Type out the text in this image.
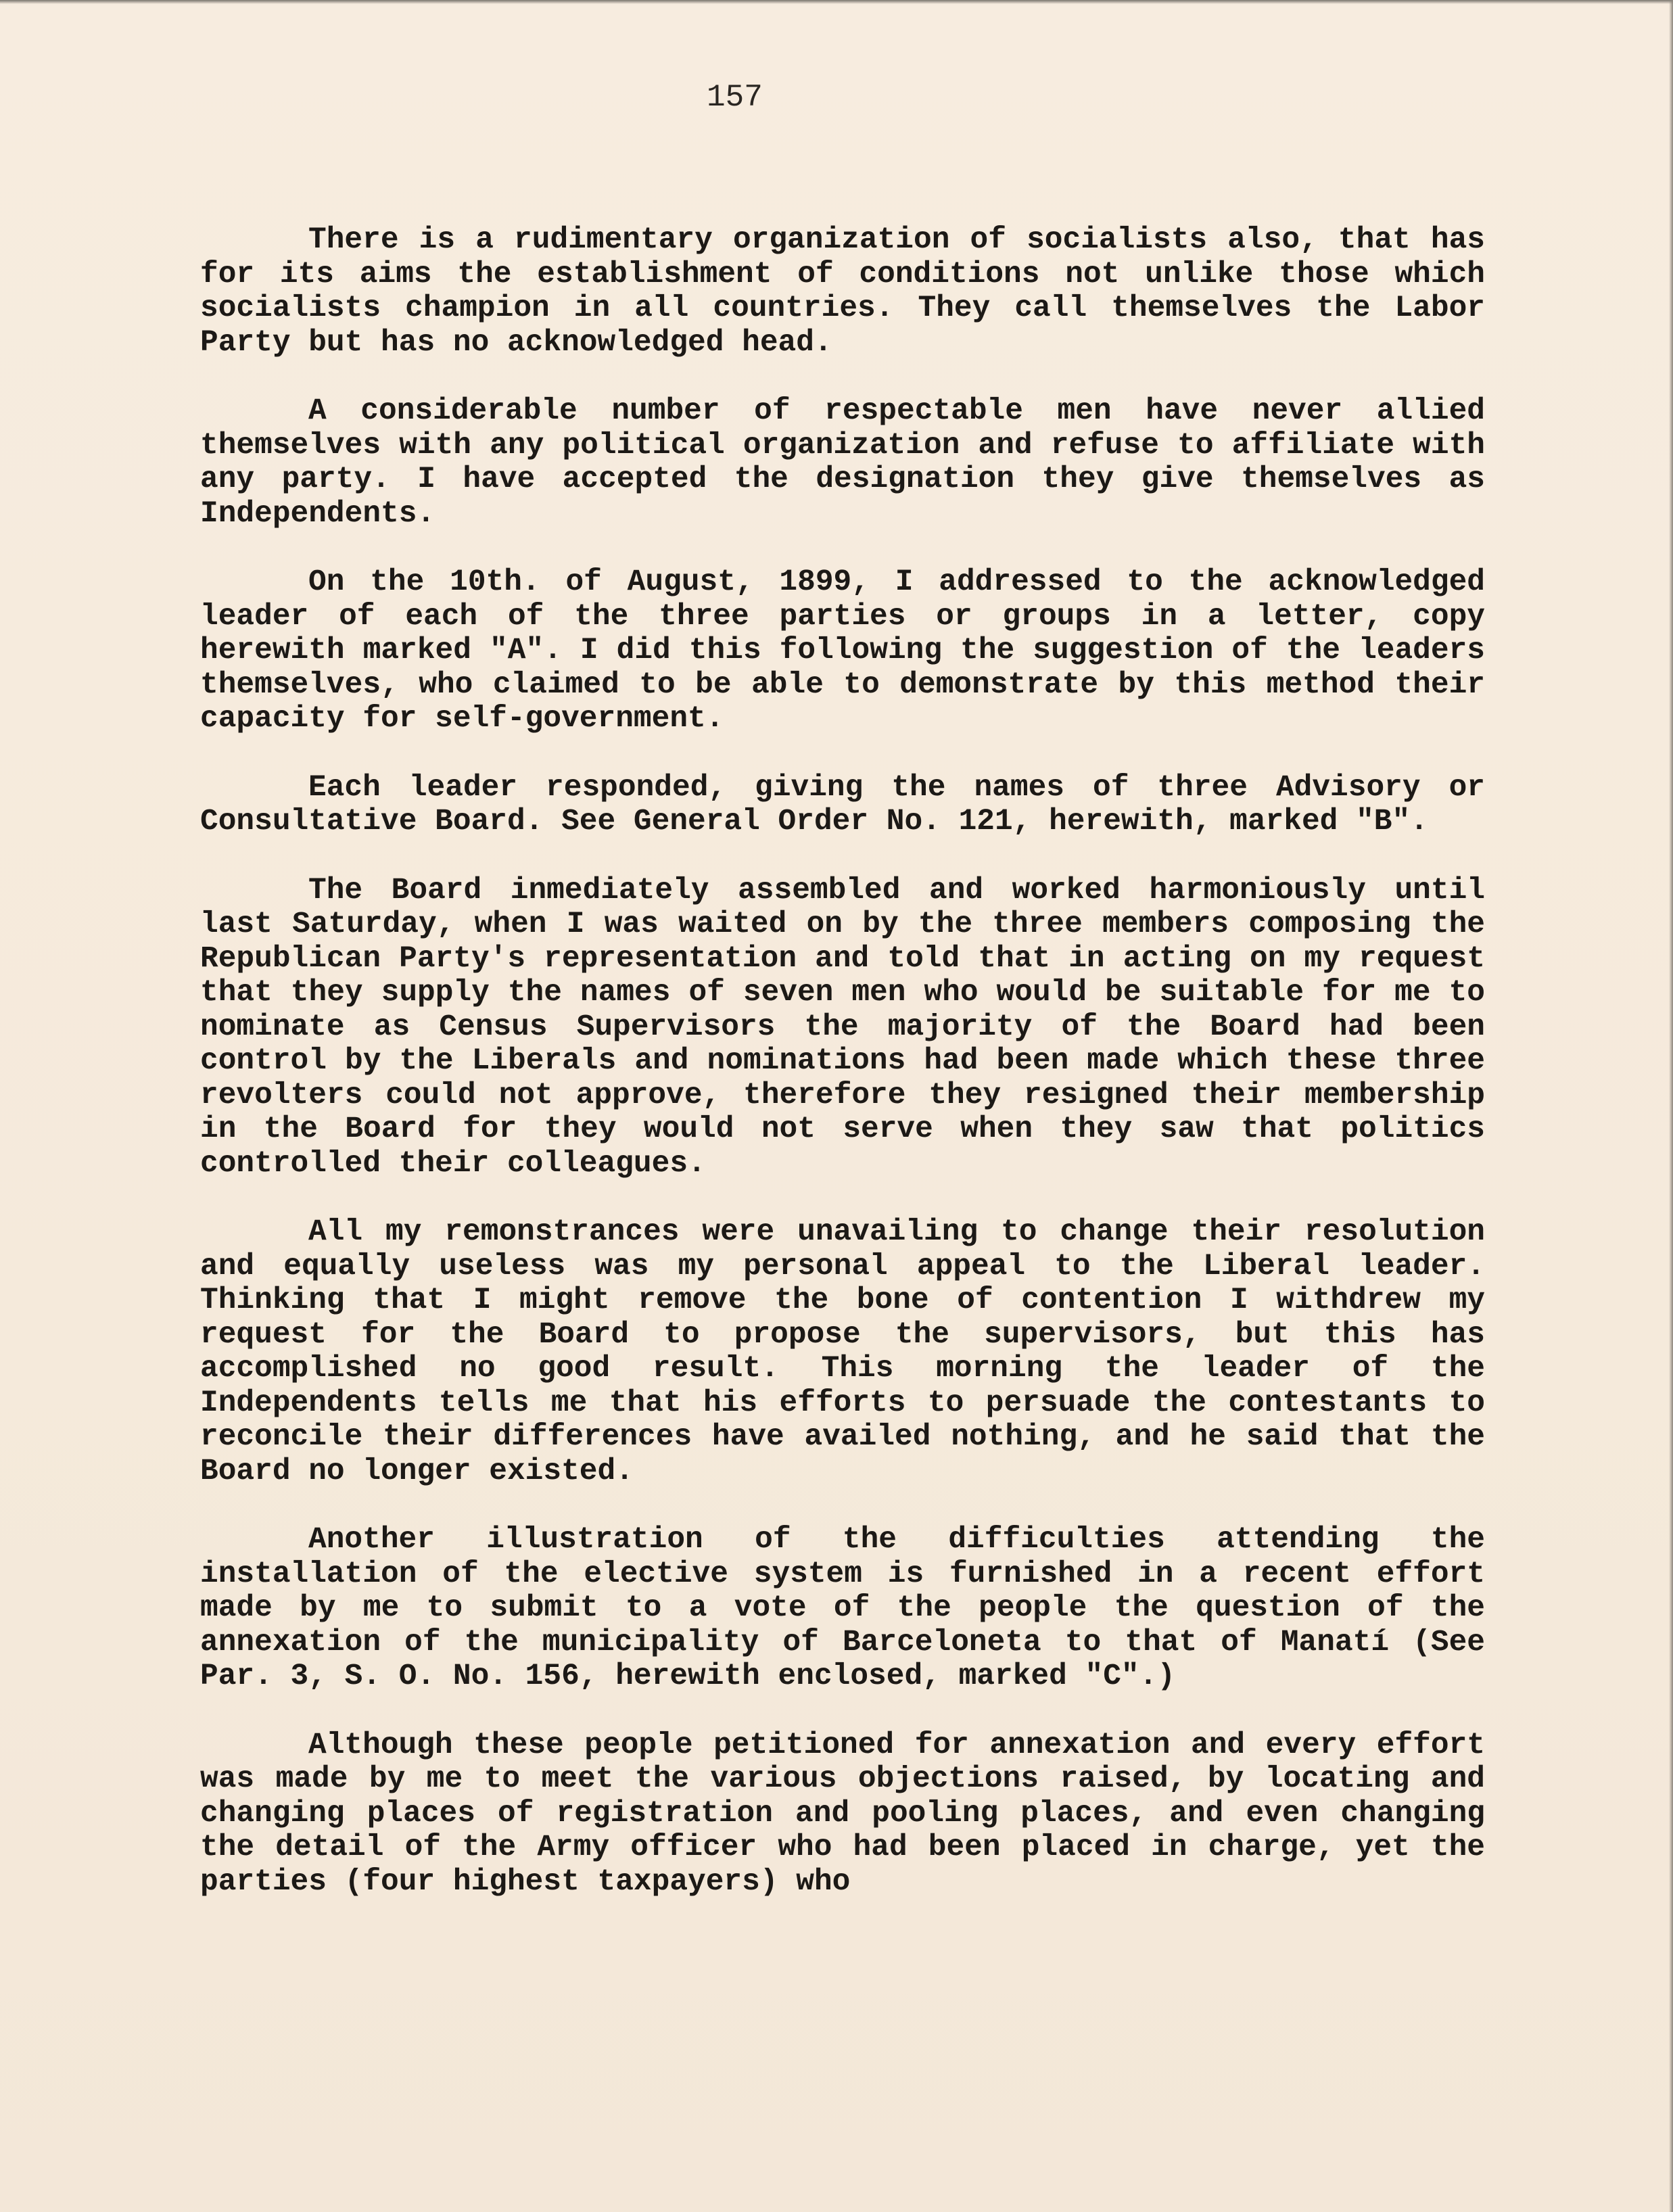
157

There is a rudimentary organization of socialists also, that has for its aims the establishment of conditions not unlike those which socialists champion in all countries. They call themselves the Labor Party but has no acknowledged head.

A considerable number of respectable men have never allied themselves with any political organization and refuse to affiliate with any party. I have accepted the designation they give themselves as Independents.

On the 10th. of August, 1899, I addressed to the acknowledged leader of each of the three parties or groups in a letter, copy herewith marked "A". I did this following the suggestion of the leaders themselves, who claimed to be able to demonstrate by this method their capacity for self-government.

Each leader responded, giving the names of three Advisory or Consultative Board. See General Order No. 121, herewith, marked "B".

The Board inmediately assembled and worked harmoniously until last Saturday, when I was waited on by the three members composing the Republican Party's representation and told that in acting on my request that they supply the names of seven men who would be suitable for me to nominate as Census Supervisors the majority of the Board had been control by the Liberals and nominations had been made which these three revolters could not approve, therefore they resigned their membership in the Board for they would not serve when they saw that politics controlled their colleagues.

All my remonstrances were unavailing to change their resolution and equally useless was my personal appeal to the Liberal leader. Thinking that I might remove the bone of contention I withdrew my request for the Board to propose the supervisors, but this has accomplished no good result. This morning the leader of the Independents tells me that his efforts to persuade the contestants to reconcile their differences have availed nothing, and he said that the Board no longer existed.

Another illustration of the difficulties attending the installation of the elective system is furnished in a recent effort made by me to submit to a vote of the people the question of the annexation of the municipality of Barceloneta to that of Manatí (See Par. 3, S. O. No. 156, herewith enclosed, marked "C".)

Although these people petitioned for annexation and every effort was made by me to meet the various objections raised, by locating and changing places of registration and pooling places, and even changing the detail of the Army officer who had been placed in charge, yet the parties (four highest taxpayers) who
